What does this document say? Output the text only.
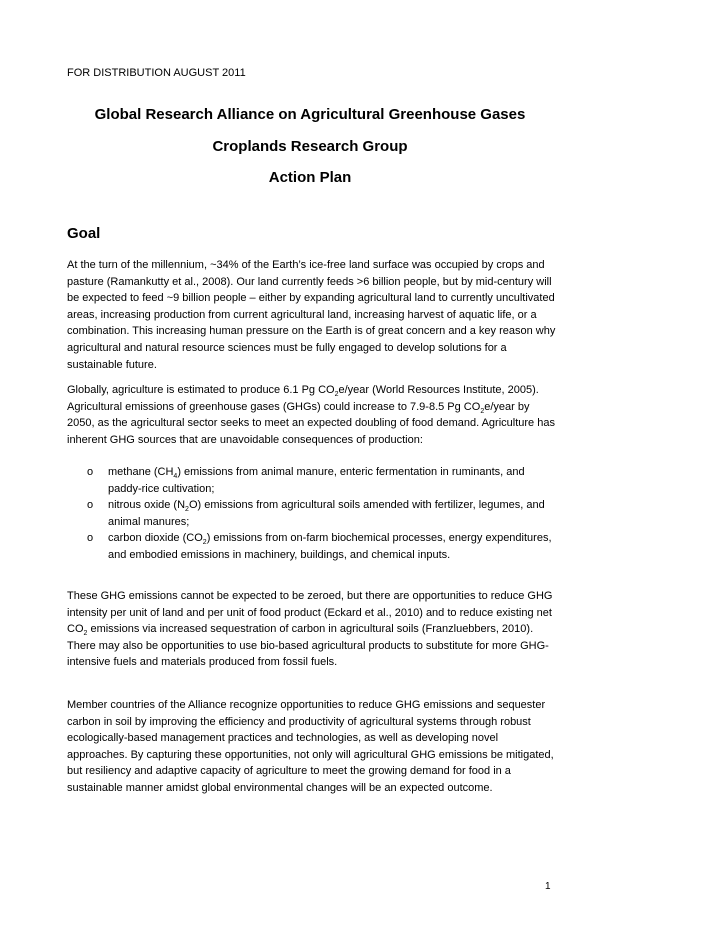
FOR DISTRIBUTION AUGUST 2011
Global Research Alliance on Agricultural Greenhouse Gases
Croplands Research Group
Action Plan
Goal

At the turn of the millennium, ~34% of the Earth’s ice-free land surface was occupied by crops and pasture (Ramankutty et al., 2008). Our land currently feeds >6 billion people, but by mid-century will be expected to feed ~9 billion people – either by expanding agricultural land to currently uncultivated areas, increasing production from current agricultural land, increasing harvest of aquatic life, or a combination. This increasing human pressure on the Earth is of great concern and a key reason why agricultural and natural resource sciences must be fully engaged to develop solutions for a sustainable future.

Globally, agriculture is estimated to produce 6.1 Pg $CO_2e$/year (World Resources Institute, 2005). Agricultural emissions of greenhouse gases (GHGs) could increase to 7.9-8.5 Pg $CO_2e$/year by 2050, as the agricultural sector seeks to meet an expected doubling of food demand. Agriculture has inherent GHG sources that are unavoidable consequences of production:

o methane $(CH_4)$ emissions from animal manure, enteric fermentation in ruminants, and paddy-rice cultivation;
o nitrous oxide $(N_2O)$ emissions from agricultural soils amended with fertilizer, legumes, and animal manures;
o carbon dioxide $(CO_2)$ emissions from on-farm biochemical processes, energy expenditures, and embodied emissions in machinery, buildings, and chemical inputs.

These GHG emissions cannot be expected to be zeroed, but there are opportunities to reduce GHG intensity per unit of land and per unit of food product (Eckard et al., 2010) and to reduce existing net $CO_2$ emissions via increased sequestration of carbon in agricultural soils (Franzluebbers, 2010). There may also be opportunities to use bio-based agricultural products to substitute for more GHG-intensive fuels and materials produced from fossil fuels.

Member countries of the Alliance recognize opportunities to reduce GHG emissions and sequester carbon in soil by improving the efficiency and productivity of agricultural systems through robust ecologically-based management practices and technologies, as well as developing novel approaches. By capturing these opportunities, not only will agricultural GHG emissions be mitigated, but resiliency and adaptive capacity of agriculture to meet the growing demand for food in a sustainable manner amidst global environmental changes will be an expected outcome.

1
